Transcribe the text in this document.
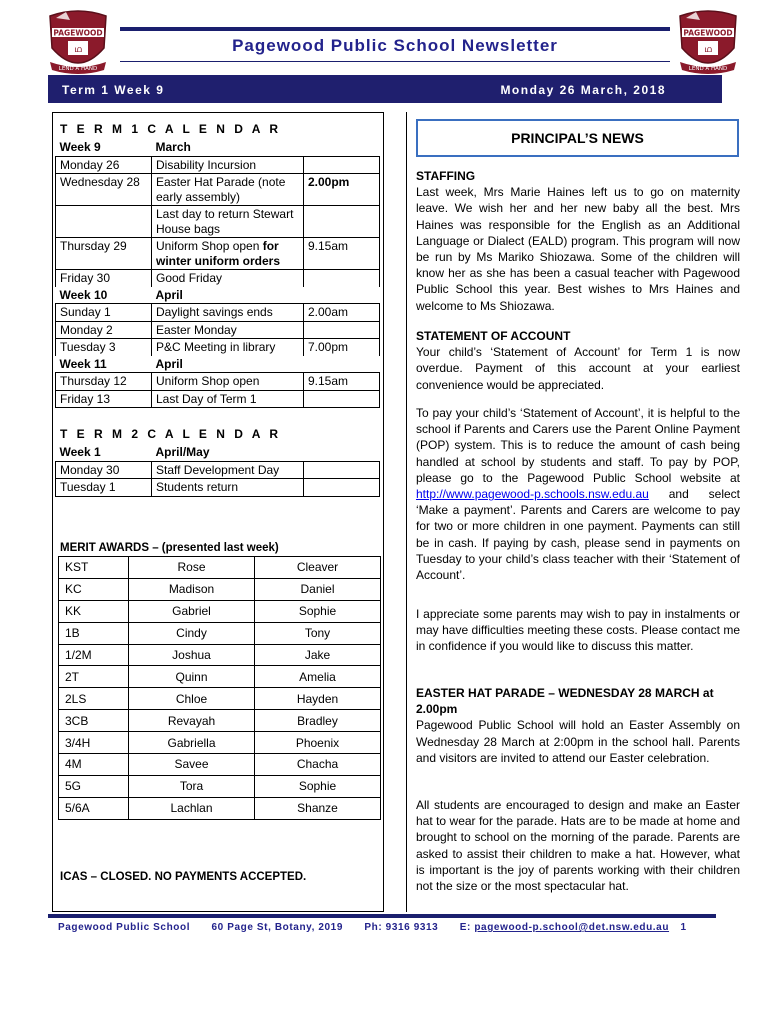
PAGEWOOD
ഥ
LEND A HAND
PAGEWOOD
ഥ
LEND A HAND
Pagewood Public School Newsletter
Term 1 Week 9	Monday 26 March, 2018
T E R M 1 C A L E N D A R
Week 9	March	
Monday 26	Disability Incursion	
Wednesday 28	Easter Hat Parade (note early assembly)	2.00pm
	Last day to return Stewart House bags	
Thursday 29	Uniform Shop open for winter uniform orders	9.15am
Friday 30	Good Friday	
Week 10	April	
Sunday 1	Daylight savings ends	2.00am
Monday 2	Easter Monday	
Tuesday 3	P&C Meeting in library	7.00pm
Week 11	April	
Thursday 12	Uniform Shop open	9.15am
Friday 13	Last Day of Term 1	
T E R M 2 C A L E N D A R
Week 1	April/May	
Monday 30	Staff Development Day	
Tuesday 1	Students return	
MERIT AWARDS – (presented last week)
KST	Rose	Cleaver
KC	Madison	Daniel
KK	Gabriel	Sophie
1B	Cindy	Tony
1/2M	Joshua	Jake
2T	Quinn	Amelia
2LS	Chloe	Hayden
3CB	Revayah	Bradley
3/4H	Gabriella	Phoenix
4M	Savee	Chacha
5G	Tora	Sophie
5/6A	Lachlan	Shanze
ICAS – CLOSED. NO PAYMENTS ACCEPTED.
PRINCIPAL’S NEWS
STAFFING
Last week, Mrs Marie Haines left us to go on maternity leave. We wish her and her new baby all the best. Mrs Haines was responsible for the English as an Additional Language or Dialect (EALD) program. This program will now be run by Ms Mariko Shiozawa. Some of the children will know her as she has been a casual teacher with Pagewood Public School this year. Best wishes to Mrs Haines and welcome to Ms Shiozawa.
STATEMENT OF ACCOUNT
Your child’s ‘Statement of Account’ for Term 1 is now overdue. Payment of this account at your earliest convenience would be appreciated.
To pay your child’s ‘Statement of Account’, it is helpful to the school if Parents and Carers use the Parent Online Payment (POP) system. This is to reduce the amount of cash being handled at school by students and staff. To pay by POP, please go to the Pagewood Public School website at http://www.pagewood-p.schools.nsw.edu.au and select ‘Make a payment’. Parents and Carers are welcome to pay for two or more children in one payment. Payments can still be in cash. If paying by cash, please send in payments on Tuesday to your child’s class teacher with their ‘Statement of Account’.
I appreciate some parents may wish to pay in instalments or may have difficulties meeting these costs. Please contact me in confidence if you would like to discuss this matter.
EASTER HAT PARADE – WEDNESDAY 28 MARCH at 2.00pm
Pagewood Public School will hold an Easter Assembly on Wednesday 28 March at 2:00pm in the school hall. Parents and visitors are invited to attend our Easter celebration.
All students are encouraged to design and make an Easter hat to wear for the parade. Hats are to be made at home and brought to school on the morning of the parade. Parents are asked to assist their children to make a hat. However, what is important is the joy of parents working with their children not the size or the most spectacular hat.
Pagewood Public School 60 Page St, Botany, 2019 Ph: 9316 9313 E: pagewood-p.school@det.nsw.edu.au 1
